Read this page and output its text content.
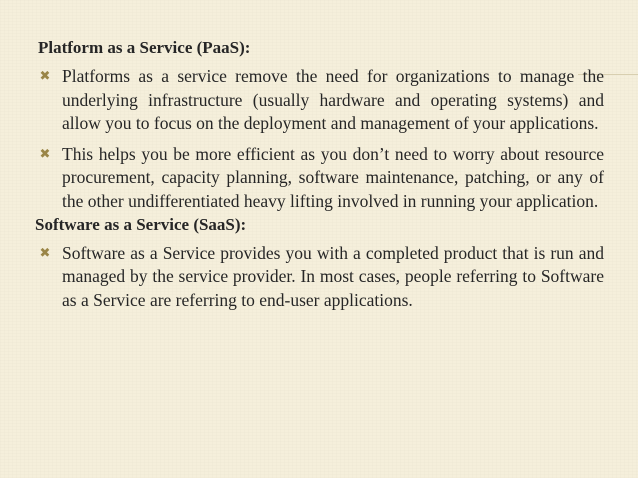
Platform as a Service (PaaS):

✖ Platforms as a service remove the need for organizations to manage the underlying infrastructure (usually hardware and operating systems) and allow you to focus on the deployment and management of your applications.
✖ This helps you be more efficient as you don’t need to worry about resource procurement, capacity planning, software maintenance, patching, or any of the other undifferentiated heavy lifting involved in running your application.

Software as a Service (SaaS):

✖ Software as a Service provides you with a completed product that is run and managed by the service provider. In most cases, people referring to Software as a Service are referring to end-user applications.
